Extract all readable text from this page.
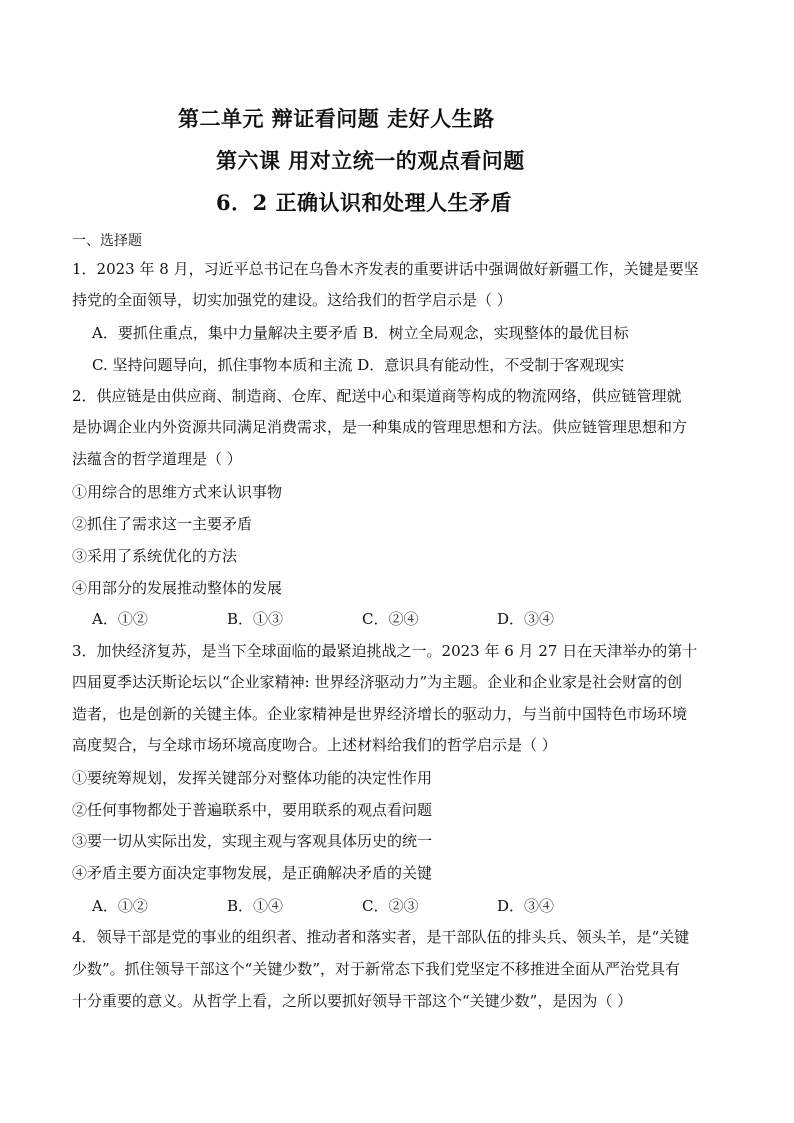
第二单元 辩证看问题 走好人生路
第六课 用对立统一的观点看问题
6．2 正确认识和处理人生矛盾
一、选择题
1．2023 年 8 月，习近平总书记在乌鲁木齐发表的重要讲话中强调做好新疆工作，关键是要坚
持党的全面领导，切实加强党的建设。这给我们的哲学启示是（ ）
A．要抓住重点，集中力量解决主要矛盾 B．树立全局观念，实现整体的最优目标
C. 坚持问题导向，抓住事物本质和主流 D．意识具有能动性，不受制于客观现实
2．供应链是由供应商、制造商、仓库、配送中心和渠道商等构成的物流网络，供应链管理就
是协调企业内外资源共同满足消费需求，是一种集成的管理思想和方法。供应链管理思想和方
法蕴含的哲学道理是（ ）
①用综合的思维方式来认识事物
②抓住了需求这一主要矛盾
③采用了系统优化的方法
④用部分的发展推动整体的发展
A．①②	B．①③	C．②④	D．③④
3．加快经济复苏，是当下全球面临的最紧迫挑战之一。2023 年 6 月 27 日在天津举办的第十
四届夏季达沃斯论坛以“企业家精神: 世界经济驱动力”为主题。企业和企业家是社会财富的创
造者，也是创新的关键主体。企业家精神是世界经济增长的驱动力，与当前中国特色市场环境
高度契合，与全球市场环境高度吻合。上述材料给我们的哲学启示是（ ）
①要统筹规划，发挥关键部分对整体功能的决定性作用
②任何事物都处于普遍联系中，要用联系的观点看问题
③要一切从实际出发，实现主观与客观具体历史的统一
④矛盾主要方面决定事物发展，是正确解决矛盾的关键
A．①②	B．①④	C．②③	D．③④
4．领导干部是党的事业的组织者、推动者和落实者，是干部队伍的排头兵、领头羊，是“关键
少数”。抓住领导干部这个“关键少数”，对于新常态下我们党坚定不移推进全面从严治党具有
十分重要的意义。从哲学上看，之所以要抓好领导干部这个“关键少数”，是因为（ ）
